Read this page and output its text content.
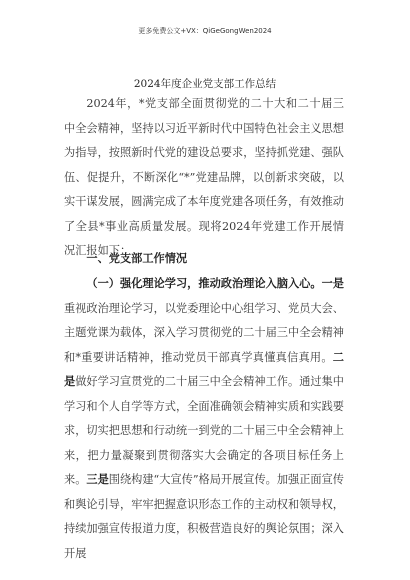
更多免费公文+VX：QiGeGongWen2024
2024年度企业党支部工作总结

2024年，*党支部全面贯彻党的二十大和二十届三中全会精神，坚持以习近平新时代中国特色社会主义思想为指导，按照新时代党的建设总要求，坚持抓党建、强队伍、促提升，不断深化“*”党建品牌，以创新求突破，以实干谋发展，圆满完成了本年度党建各项任务，有效推动了全县*事业高质量发展。现将2024年党建工作开展情况汇报如下：

一、党支部工作情况

（一）强化理论学习，推动政治理论入脑入心。一是重视政治理论学习，以党委理论中心组学习、党员大会、主题党课为载体，深入学习贯彻党的二十届三中全会精神和*重要讲话精神，推动党员干部真学真懂真信真用。二是做好学习宣贯党的二十届三中全会精神工作。通过集中学习和个人自学等方式，全面准确领会精神实质和实践要求，切实把思想和行动统一到党的二十届三中全会精神上来，把力量凝聚到贯彻落实大会确定的各项目标任务上来。三是围绕构建“大宣传”格局开展宣传。加强正面宣传和舆论引导，牢牢把握意识形态工作的主动权和领导权，持续加强宣传报道力度，积极营造良好的舆论氛围；深入开展
